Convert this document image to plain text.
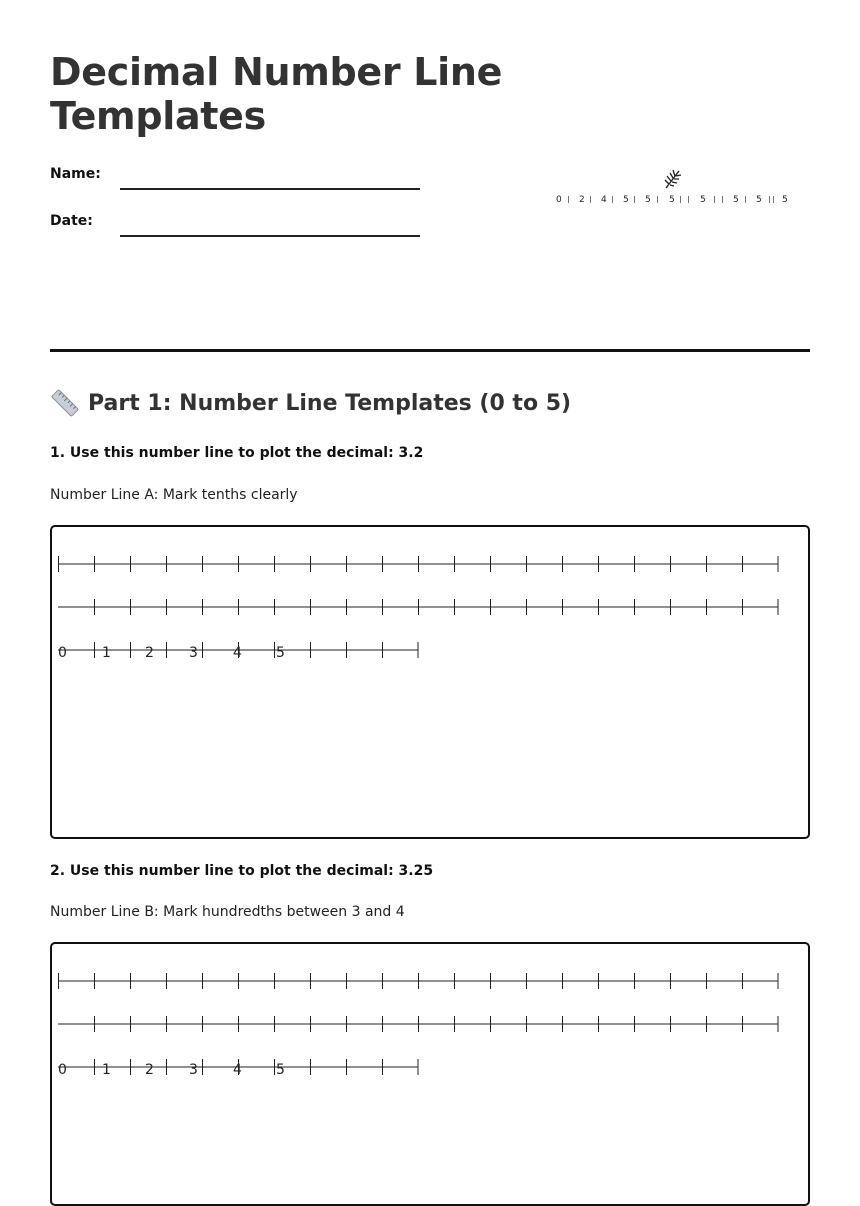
Decimal Number Line Templates
Name:
Date:
0 2 4 5 5 5	5	5 5 5
Part 1: Number Line Templates (0 to 5)
1. Use this number line to plot the decimal: 3.2
Number Line A: Mark tenths clearly
0	1 2	3	4 5
2. Use this number line to plot the decimal: 3.25
Number Line B: Mark hundredths between 3 and 4
0	1 2	3	4 5
